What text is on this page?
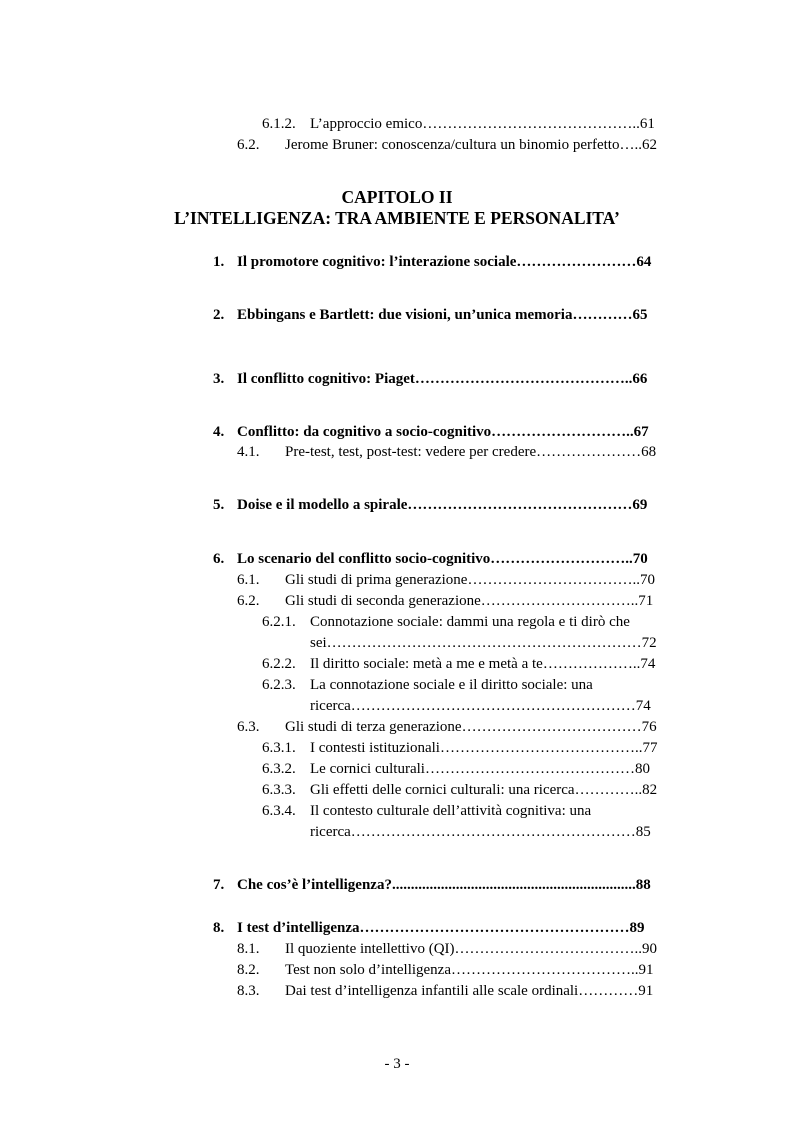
6.1.2. L’approccio emico……………………………………..61
6.2. Jerome Bruner: conoscenza/cultura un binomio perfetto…..62
CAPITOLO II
L’INTELLIGENZA: TRA AMBIENTE E PERSONALITA’
1. Il promotore cognitivo: l’interazione sociale……………………64
2. Ebbingans e Bartlett: due visioni, un’unica memoria…………65
3. Il conflitto cognitivo: Piaget……………………………………..66
4. Conflitto: da cognitivo a socio-cognitivo………………………..67
4.1. Pre-test, test, post-test: vedere per credere…………………68
5. Doise e il modello a spirale………………………………………69
6. Lo scenario del conflitto socio-cognitivo………………………..70
6.1. Gli studi di prima generazione……………………………..70
6.2. Gli studi di seconda generazione…………………………..71
6.2.1. Connotazione sociale: dammi una regola e ti dirò che
sei………………………………………………………72
6.2.2. Il diritto sociale: metà a me e metà a te………………..74
6.2.3. La connotazione sociale e il diritto sociale: una
ricerca…………………………………………………74
6.3. Gli studi di terza generazione………………………………76
6.3.1. I contesti istituzionali…………………………………..77
6.3.2. Le cornici culturali……………………………………80
6.3.3. Gli effetti delle cornici culturali: una ricerca…………..82
6.3.4. Il contesto culturale dell’attività cognitiva: una
ricerca…………………………………………………85
7. Che cos’è l’intelligenza?.................................................................88
8. I test d’intelligenza………………………………………………89
8.1. Il quoziente intellettivo (QI)………………………………..90
8.2. Test non solo d’intelligenza………………………………..91
8.3. Dai test d’intelligenza infantili alle scale ordinali…………91
- 3 -
